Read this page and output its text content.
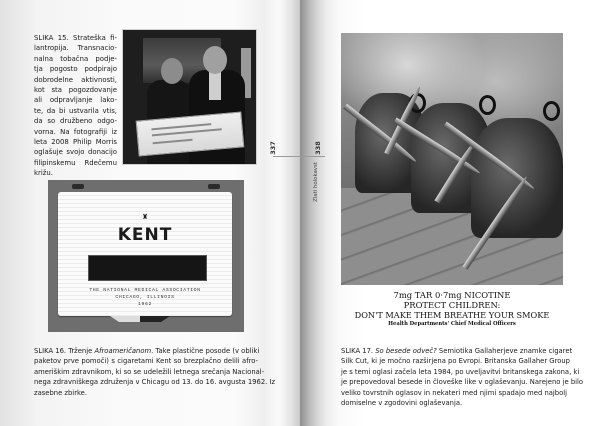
SLIKA 15. Strateška fi-
lantropija. Transnacio-
nalna tobačna podje-
tja pogosto podpirajo
dobrodelne aktivnosti,
kot sta pogozdovanje
ali odpravljanje lako-
te, da bi ustvarila vtis,
da so družbeno odgo-
vorna. Na fotografiji iz
leta 2008 Philip Morris
oglašuje svojo donacijo
filipinskemu Rdečemu
križu.
♜
KENT
THE NATIONAL MEDICAL ASSOCIATION
CHICAGO, ILLINOIS
1962
SLIKA 16. Trženje Afroameričanom. Take plastične posode (v obliki
paketov prve pomoči) s cigaretami Kent so brezplačno delili afro-
ameriškim zdravnikom, ki so se udeležili letnega srečanja Nacional-
nega zdravniškega združenja v Chicagu od 13. do 16. avgusta 1962. Iz
zasebne zbirke.
337	338
Zlati holokavst
7mg TAR 0·7mg NICOTINE
PROTECT CHILDREN:
DON'T MAKE THEM BREATHE YOUR SMOKE
Health Departments' Chief Medical Officers
SLIKA 17. So besede odveč? Semiotika Gallaherjeve znamke cigaret
Silk Cut, ki je močno razširjena po Evropi. Britanska Gallaher Group
je s temi oglasi začela leta 1984, po uveljavitvi britanskega zakona, ki
je prepovedoval besede in človeške like v oglaševanju. Narejeno je bilo
veliko tovrstnih oglasov in nekateri med njimi spadajo med najbolj
domiselne v zgodovini oglaševanja.
